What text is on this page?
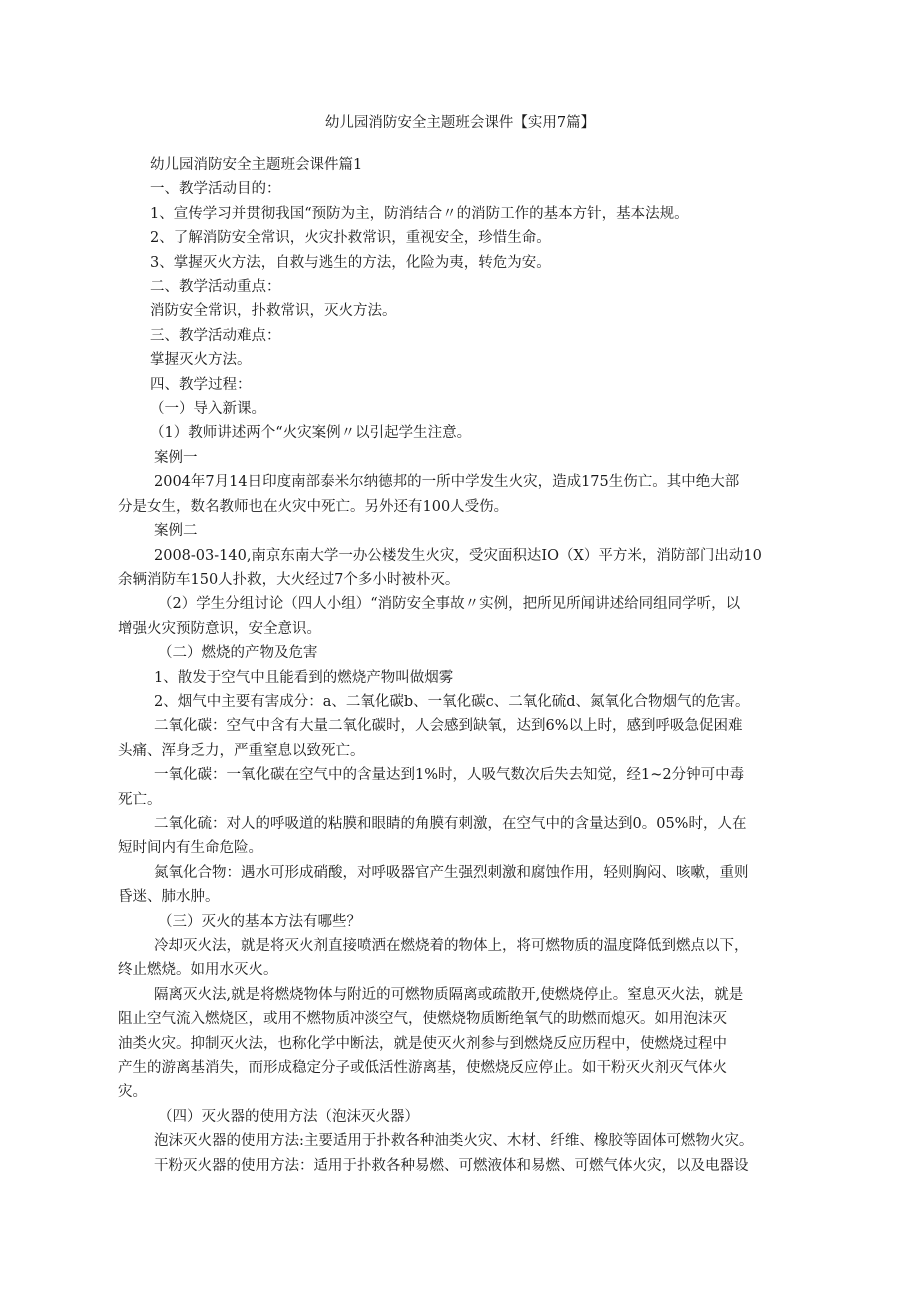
幼儿园消防安全主题班会课件【实用7篇】

幼儿园消防安全主题班会课件篇1

一、教学活动目的：

1、宣传学习并贯彻我国“预防为主，防消结合〃的消防工作的基本方针，基本法规。

2、了解消防安全常识，火灾扑救常识，重视安全，珍惜生命。

3、掌握灭火方法，自救与逃生的方法，化险为夷，转危为安。

二、教学活动重点：

消防安全常识，扑救常识，灭火方法。

三、教学活动难点：

掌握灭火方法。

四、教学过程：

（一）导入新课。

（1）教师讲述两个“火灾案例〃以引起学生注意。

案例一

2004年7月14日印度南部泰米尔纳德邦的一所中学发生火灾，造成175生伤亡。其中绝大部

分是女生，数名教师也在火灾中死亡。另外还有100人受伤。

案例二

2008-03-140,南京东南大学一办公楼发生火灾，受灾面积达IO（X）平方米，消防部门出动10

余辆消防车150人扑救，大火经过7个多小时被朴灭。

（2）学生分组讨论（四人小组）“消防安全事故〃实例，把所见所闻讲述给同组同学听，以

增强火灾预防意识，安全意识。

（二）燃烧的产物及危害

1、散发于空气中且能看到的燃烧产物叫做烟雾

2、烟气中主要有害成分：a、二氧化碳b、一氧化碳c、二氧化硫d、氮氧化合物烟气的危害。

二氧化碳：空气中含有大量二氧化碳时，人会感到缺氧，达到6%以上时，感到呼吸急促困难

头痛、浑身乏力，严重窒息以致死亡。

一氧化碳：一氧化碳在空气中的含量达到1%时，人吸气数次后失去知觉，经1~2分钟可中毒

死亡。

二氧化硫：对人的呼吸道的粘膜和眼睛的角膜有刺激，在空气中的含量达到0。05%时，人在

短时间内有生命危险。

氮氧化合物：遇水可形成硝酸，对呼吸器官产生强烈刺激和腐蚀作用，轻则胸闷、咳嗽，重则

昏迷、肺水肿。

（三）灭火的基本方法有哪些？

冷却灭火法，就是将灭火剂直接喷洒在燃烧着的物体上，将可燃物质的温度降低到燃点以下，

终止燃烧。如用水灭火。

隔离灭火法,就是将燃烧物体与附近的可燃物质隔离或疏散开,使燃烧停止。窒息灭火法，就是

阻止空气流入燃烧区，或用不燃物质冲淡空气，使燃烧物质断绝氧气的助燃而熄灭。如用泡沫灭

油类火灾。抑制灭火法，也称化学中断法，就是使灭火剂参与到燃烧反应历程中，使燃烧过程中

产生的游离基消失，而形成稳定分子或低活性游离基，使燃烧反应停止。如干粉灭火剂灭气体火

灾。

（四）灭火器的使用方法（泡沫灭火器）

泡沫灭火器的使用方法:主要适用于扑救各种油类火灾、木材、纤维、橡胶等固体可燃物火灾。

干粉灭火器的使用方法：适用于扑救各种易燃、可燃液体和易燃、可燃气体火灾，以及电器设
